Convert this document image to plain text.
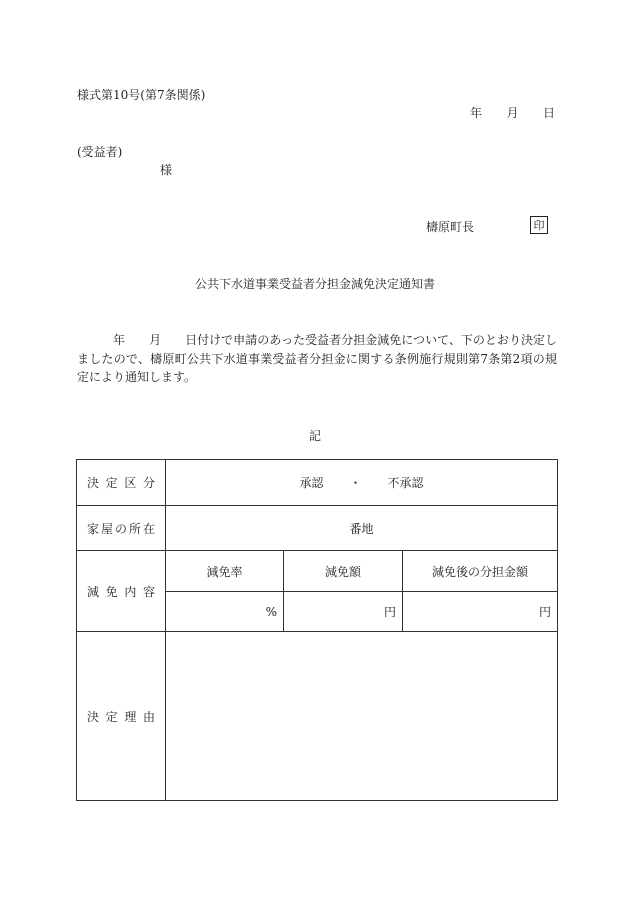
様式第10号(第7条関係)
年 月 日
(受益者)
様
檮原町長	印
公共下水道事業受益者分担金減免決定通知書
年 月 日付けで申請のあった受益者分担金減免について、下のとおり決定しましたので、檮原町公共下水道事業受益者分担金に関する条例施行規則第7条第2項の規定により通知します。
記
決定区分	承認 ・ 不承認		
家屋の所在	番地		
減免内容	減免率	減免額	減免後の分担金額
	%	円	円
決定理由			
